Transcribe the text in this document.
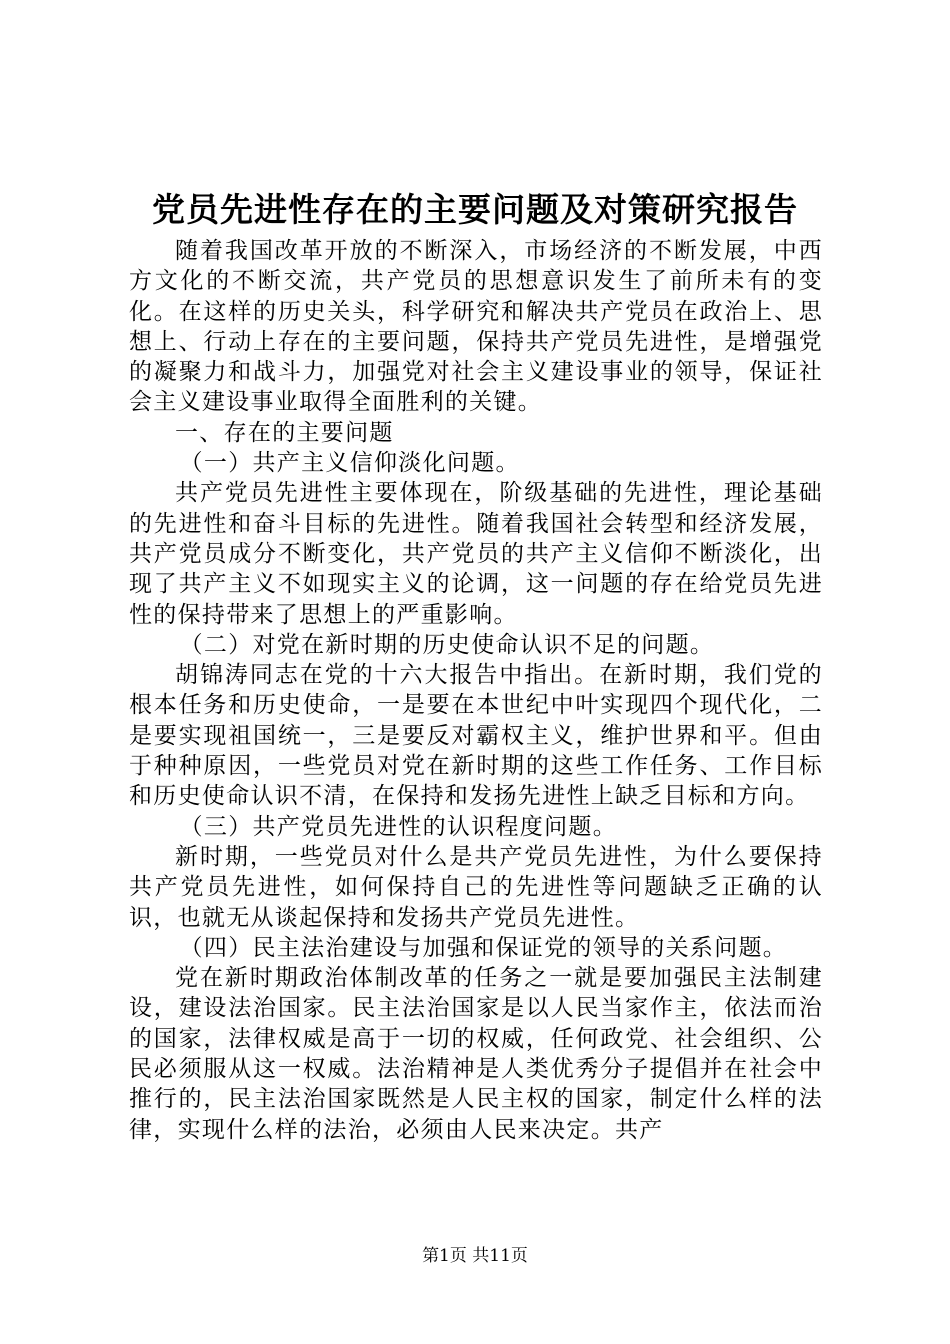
党员先进性存在的主要问题及对策研究报告

随着我国改革开放的不断深入，市场经济的不断发展，中西方文化的不断交流，共产党员的思想意识发生了前所未有的变化。在这样的历史关头，科学研究和解决共产党员在政治上、思想上、行动上存在的主要问题，保持共产党员先进性，是增强党的凝聚力和战斗力，加强党对社会主义建设事业的领导，保证社会主义建设事业取得全面胜利的关键。

一、存在的主要问题

（一）共产主义信仰淡化问题。

共产党员先进性主要体现在，阶级基础的先进性，理论基础的先进性和奋斗目标的先进性。随着我国社会转型和经济发展，共产党员成分不断变化，共产党员的共产主义信仰不断淡化，出现了共产主义不如现实主义的论调，这一问题的存在给党员先进性的保持带来了思想上的严重影响。

（二）对党在新时期的历史使命认识不足的问题。

胡锦涛同志在党的十六大报告中指出。在新时期，我们党的根本任务和历史使命，一是要在本世纪中叶实现四个现代化，二是要实现祖国统一，三是要反对霸权主义，维护世界和平。但由于种种原因，一些党员对党在新时期的这些工作任务、工作目标和历史使命认识不清，在保持和发扬先进性上缺乏目标和方向。

（三）共产党员先进性的认识程度问题。

新时期，一些党员对什么是共产党员先进性，为什么要保持共产党员先进性，如何保持自己的先进性等问题缺乏正确的认识，也就无从谈起保持和发扬共产党员先进性。

（四）民主法治建设与加强和保证党的领导的关系问题。

党在新时期政治体制改革的任务之一就是要加强民主法制建设，建设法治国家。民主法治国家是以人民当家作主，依法而治的国家，法律权威是高于一切的权威，任何政党、社会组织、公民必须服从这一权威。法治精神是人类优秀分子提倡并在社会中推行的，民主法治国家既然是人民主权的国家，制定什么样的法律，实现什么样的法治，必须由人民来决定。共产

第1页 共11页
